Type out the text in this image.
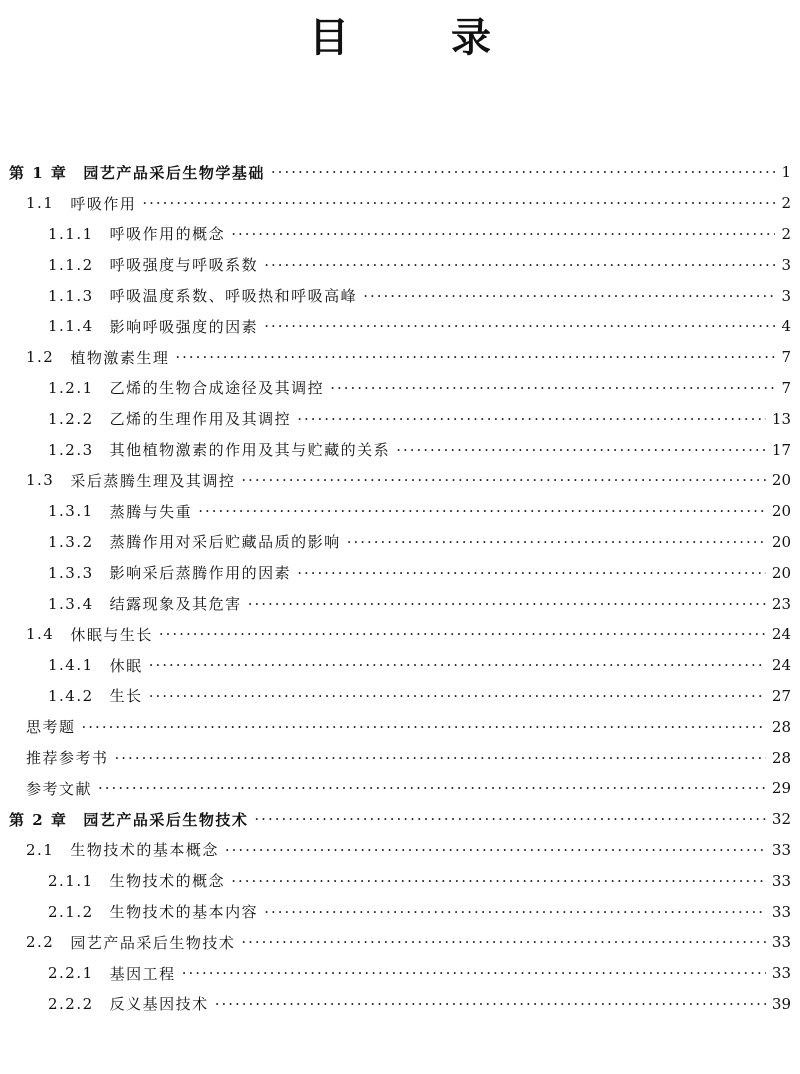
目 录
第 1 章 园艺产品采后生物学基础 ·····	1
1.1 呼吸作用 ·····	2
1.1.1 呼吸作用的概念 ·····	2
1.1.2 呼吸强度与呼吸系数 ·····	3
1.1.3 呼吸温度系数、呼吸热和呼吸高峰 ·····	3
1.1.4 影响呼吸强度的因素 ·····	4
1.2 植物激素生理 ·····	7
1.2.1 乙烯的生物合成途径及其调控 ·····	7
1.2.2 乙烯的生理作用及其调控 ·····	13
1.2.3 其他植物激素的作用及其与贮藏的关系 ·····	17
1.3 采后蒸腾生理及其调控 ·····	20
1.3.1 蒸腾与失重 ·····	20
1.3.2 蒸腾作用对采后贮藏品质的影响 ·····	20
1.3.3 影响采后蒸腾作用的因素 ·····	20
1.3.4 结露现象及其危害 ·····	23
1.4 休眠与生长 ·····	24
1.4.1 休眠 ·····	24
1.4.2 生长 ·····	27
思考题 ·····	28
推荐参考书 ·····	28
参考文献 ·····	29
第 2 章 园艺产品采后生物技术 ·····	32
2.1 生物技术的基本概念 ·····	33
2.1.1 生物技术的概念 ·····	33
2.1.2 生物技术的基本内容 ·····	33
2.2 园艺产品采后生物技术 ·····	33
2.2.1 基因工程 ·····	33
2.2.2 反义基因技术 ·····	39
